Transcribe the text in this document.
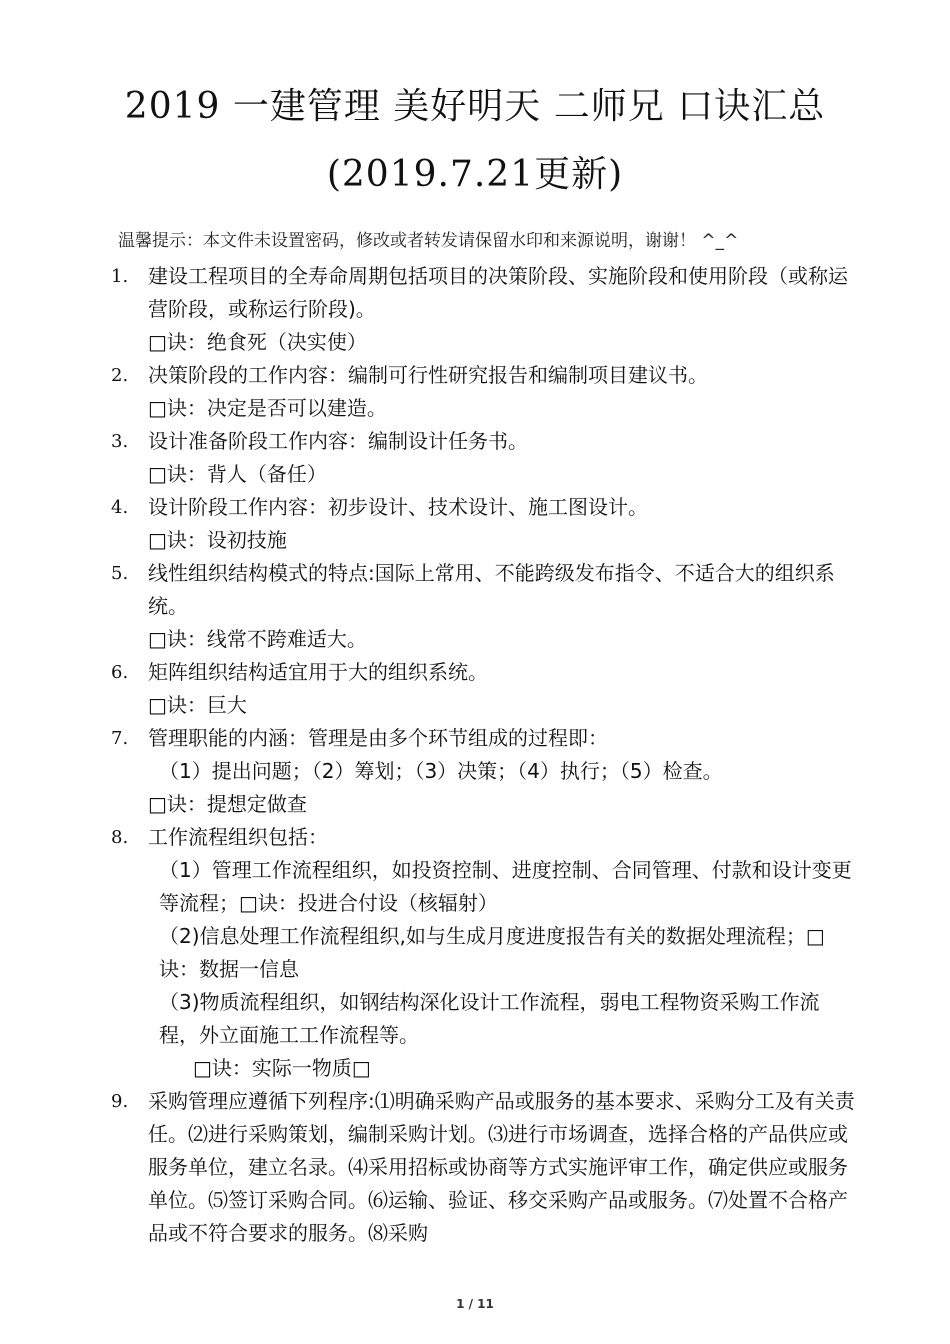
2019 一建管理 美好明天 二师兄 口诀汇总
(2019.7.21更新)
温馨提示：本文件未设置密码，修改或者转发请保留水印和来源说明，谢谢！ ^_^
1. 建设工程项目的全寿命周期包括项目的决策阶段、实施阶段和使用阶段（或称运营阶段，或称运行阶段)。
□诀：绝食死（决实使）
2. 决策阶段的工作内容：编制可行性研究报告和编制项目建议书。
□诀：决定是否可以建造。
3. 设计准备阶段工作内容：编制设计任务书。
□诀：背人（备任）
4. 设计阶段工作内容：初步设计、技术设计、施工图设计。
□诀：设初技施
5. 线性组织结构模式的特点:国际上常用、不能跨级发布指令、不适合大的组织系统。
□诀：线常不跨难适大。
6. 矩阵组织结构适宜用于大的组织系统。
□诀：巨大
7. 管理职能的内涵：管理是由多个环节组成的过程即：
（1）提出问题；（2）筹划；（3）决策；（4）执行；（5）检查。
□诀：提想定做查
8. 工作流程组织包括：
（1）管理工作流程组织，如投资控制、进度控制、合同管理、付款和设计变更等流程；□诀：投进合付设（核辐射）
（2)信息处理工作流程组织,如与生成月度进度报告有关的数据处理流程；□诀：数据一信息
（3)物质流程组织，如钢结构深化设计工作流程，弱电工程物资采购工作流程，外立面施工工作流程等。
□诀：实际一物质□
9. 采购管理应遵循下列程序:⑴明确采购产品或服务的基本要求、采购分工及有关责任。⑵进行采购策划，编制采购计划。⑶进行市场调查，选择合格的产品供应或服务单位，建立名录。⑷采用招标或协商等方式实施评审工作，确定供应或服务单位。⑸签订采购合同。⑹运输、验证、移交采购产品或服务。⑺处置不合格产品或不符合要求的服务。⑻采购
1 / 11
